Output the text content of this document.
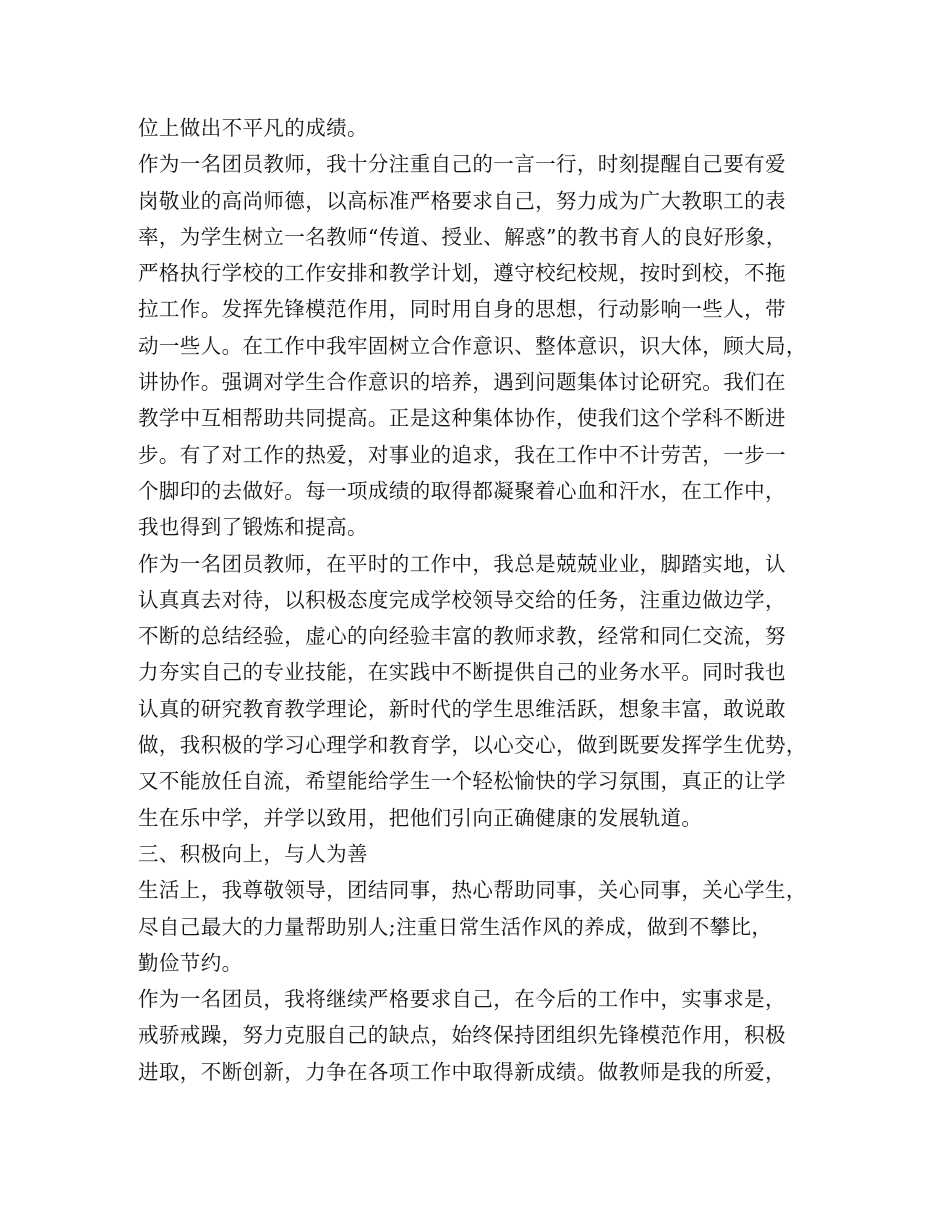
位上做出不平凡的成绩。
作为一名团员教师，我十分注重自己的一言一行，时刻提醒自己要有爱
岗敬业的高尚师德，以高标准严格要求自己，努力成为广大教职工的表
率，为学生树立一名教师“传道、授业、解惑”的教书育人的良好形象，
严格执行学校的工作安排和教学计划，遵守校纪校规，按时到校，不拖
拉工作。发挥先锋模范作用，同时用自身的思想，行动影响一些人，带
动一些人。在工作中我牢固树立合作意识、整体意识，识大体，顾大局，
讲协作。强调对学生合作意识的培养，遇到问题集体讨论研究。我们在
教学中互相帮助共同提高。正是这种集体协作，使我们这个学科不断进
步。有了对工作的热爱，对事业的追求，我在工作中不计劳苦，一步一
个脚印的去做好。每一项成绩的取得都凝聚着心血和汗水，在工作中，
我也得到了锻炼和提高。
作为一名团员教师，在平时的工作中，我总是兢兢业业，脚踏实地，认
认真真去对待，以积极态度完成学校领导交给的任务，注重边做边学，
不断的总结经验，虚心的向经验丰富的教师求教，经常和同仁交流，努
力夯实自己的专业技能，在实践中不断提供自己的业务水平。同时我也
认真的研究教育教学理论，新时代的学生思维活跃，想象丰富，敢说敢
做，我积极的学习心理学和教育学，以心交心，做到既要发挥学生优势，
又不能放任自流，希望能给学生一个轻松愉快的学习氛围，真正的让学
生在乐中学，并学以致用，把他们引向正确健康的发展轨道。
三、积极向上，与人为善
生活上，我尊敬领导，团结同事，热心帮助同事，关心同事，关心学生，
尽自己最大的力量帮助别人;注重日常生活作风的养成，做到不攀比，
勤俭节约。
作为一名团员，我将继续严格要求自己，在今后的工作中，实事求是，
戒骄戒躁，努力克服自己的缺点，始终保持团组织先锋模范作用，积极
进取，不断创新，力争在各项工作中取得新成绩。做教师是我的所爱，
